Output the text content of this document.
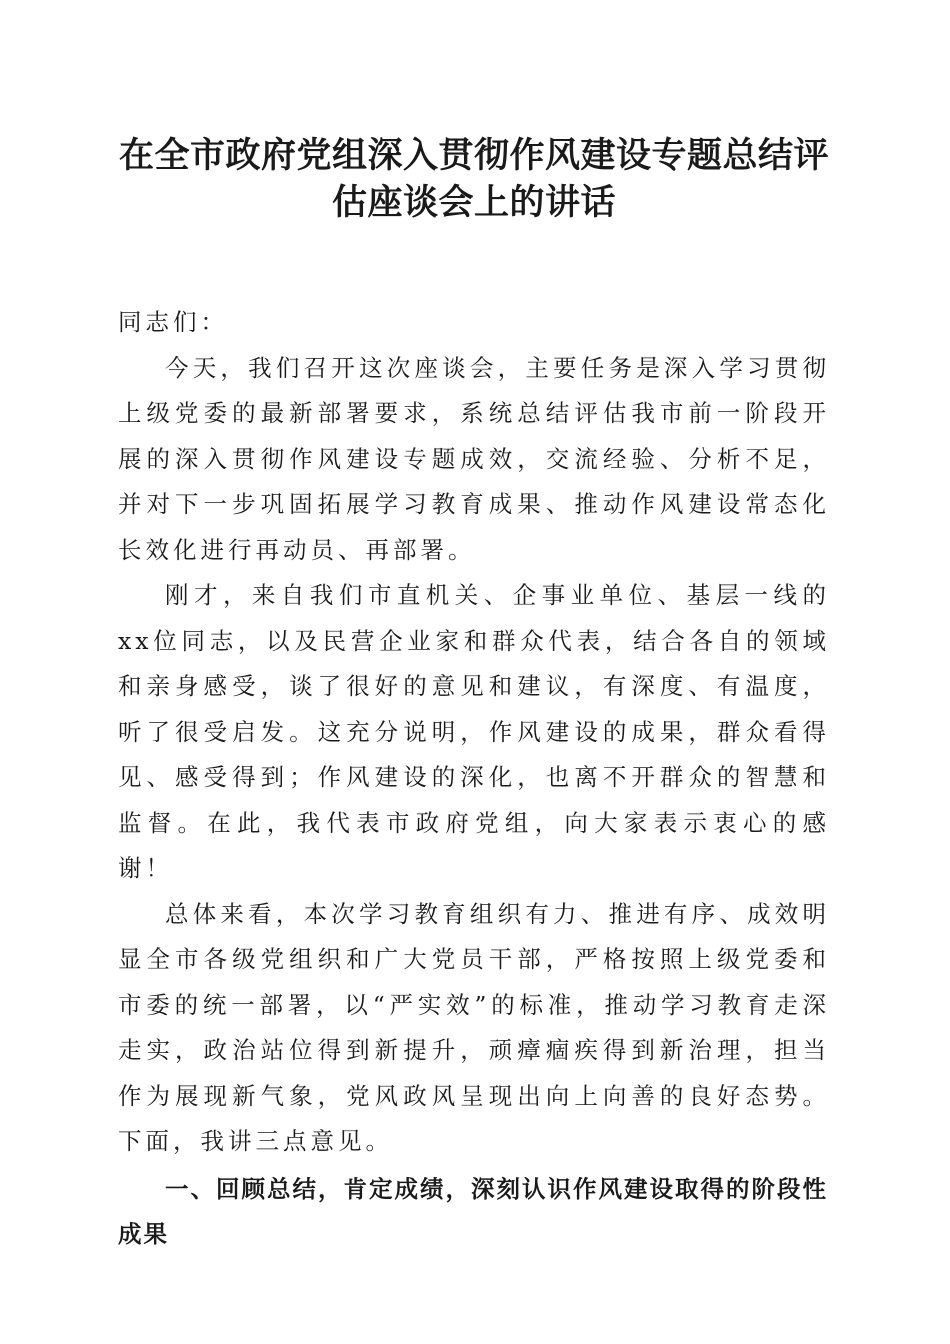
在全市政府党组深入贯彻作风建设专题总结评
估座谈会上的讲话

同志们：

今天，我们召开这次座谈会，主要任务是深入学习贯彻上级党委的最新部署要求，系统总结评估我市前一阶段开展的深入贯彻作风建设专题成效，交流经验、分析不足，并对下一步巩固拓展学习教育成果、推动作风建设常态化长效化进行再动员、再部署。

刚才，来自我们市直机关、企事业单位、基层一线的xx位同志，以及民营企业家和群众代表，结合各自的领域和亲身感受，谈了很好的意见和建议，有深度、有温度，听了很受启发。这充分说明，作风建设的成果，群众看得见、感受得到；作风建设的深化，也离不开群众的智慧和监督。在此，我代表市政府党组，向大家表示衷心的感谢！

总体来看，本次学习教育组织有力、推进有序、成效明显全市各级党组织和广大党员干部，严格按照上级党委和市委的统一部署，以“严实效”的标准，推动学习教育走深走实，政治站位得到新提升，顽瘴痼疾得到新治理，担当作为展现新气象，党风政风呈现出向上向善的良好态势。下面，我讲三点意见。

一、回顾总结，肯定成绩，深刻认识作风建设取得的阶段性成果
